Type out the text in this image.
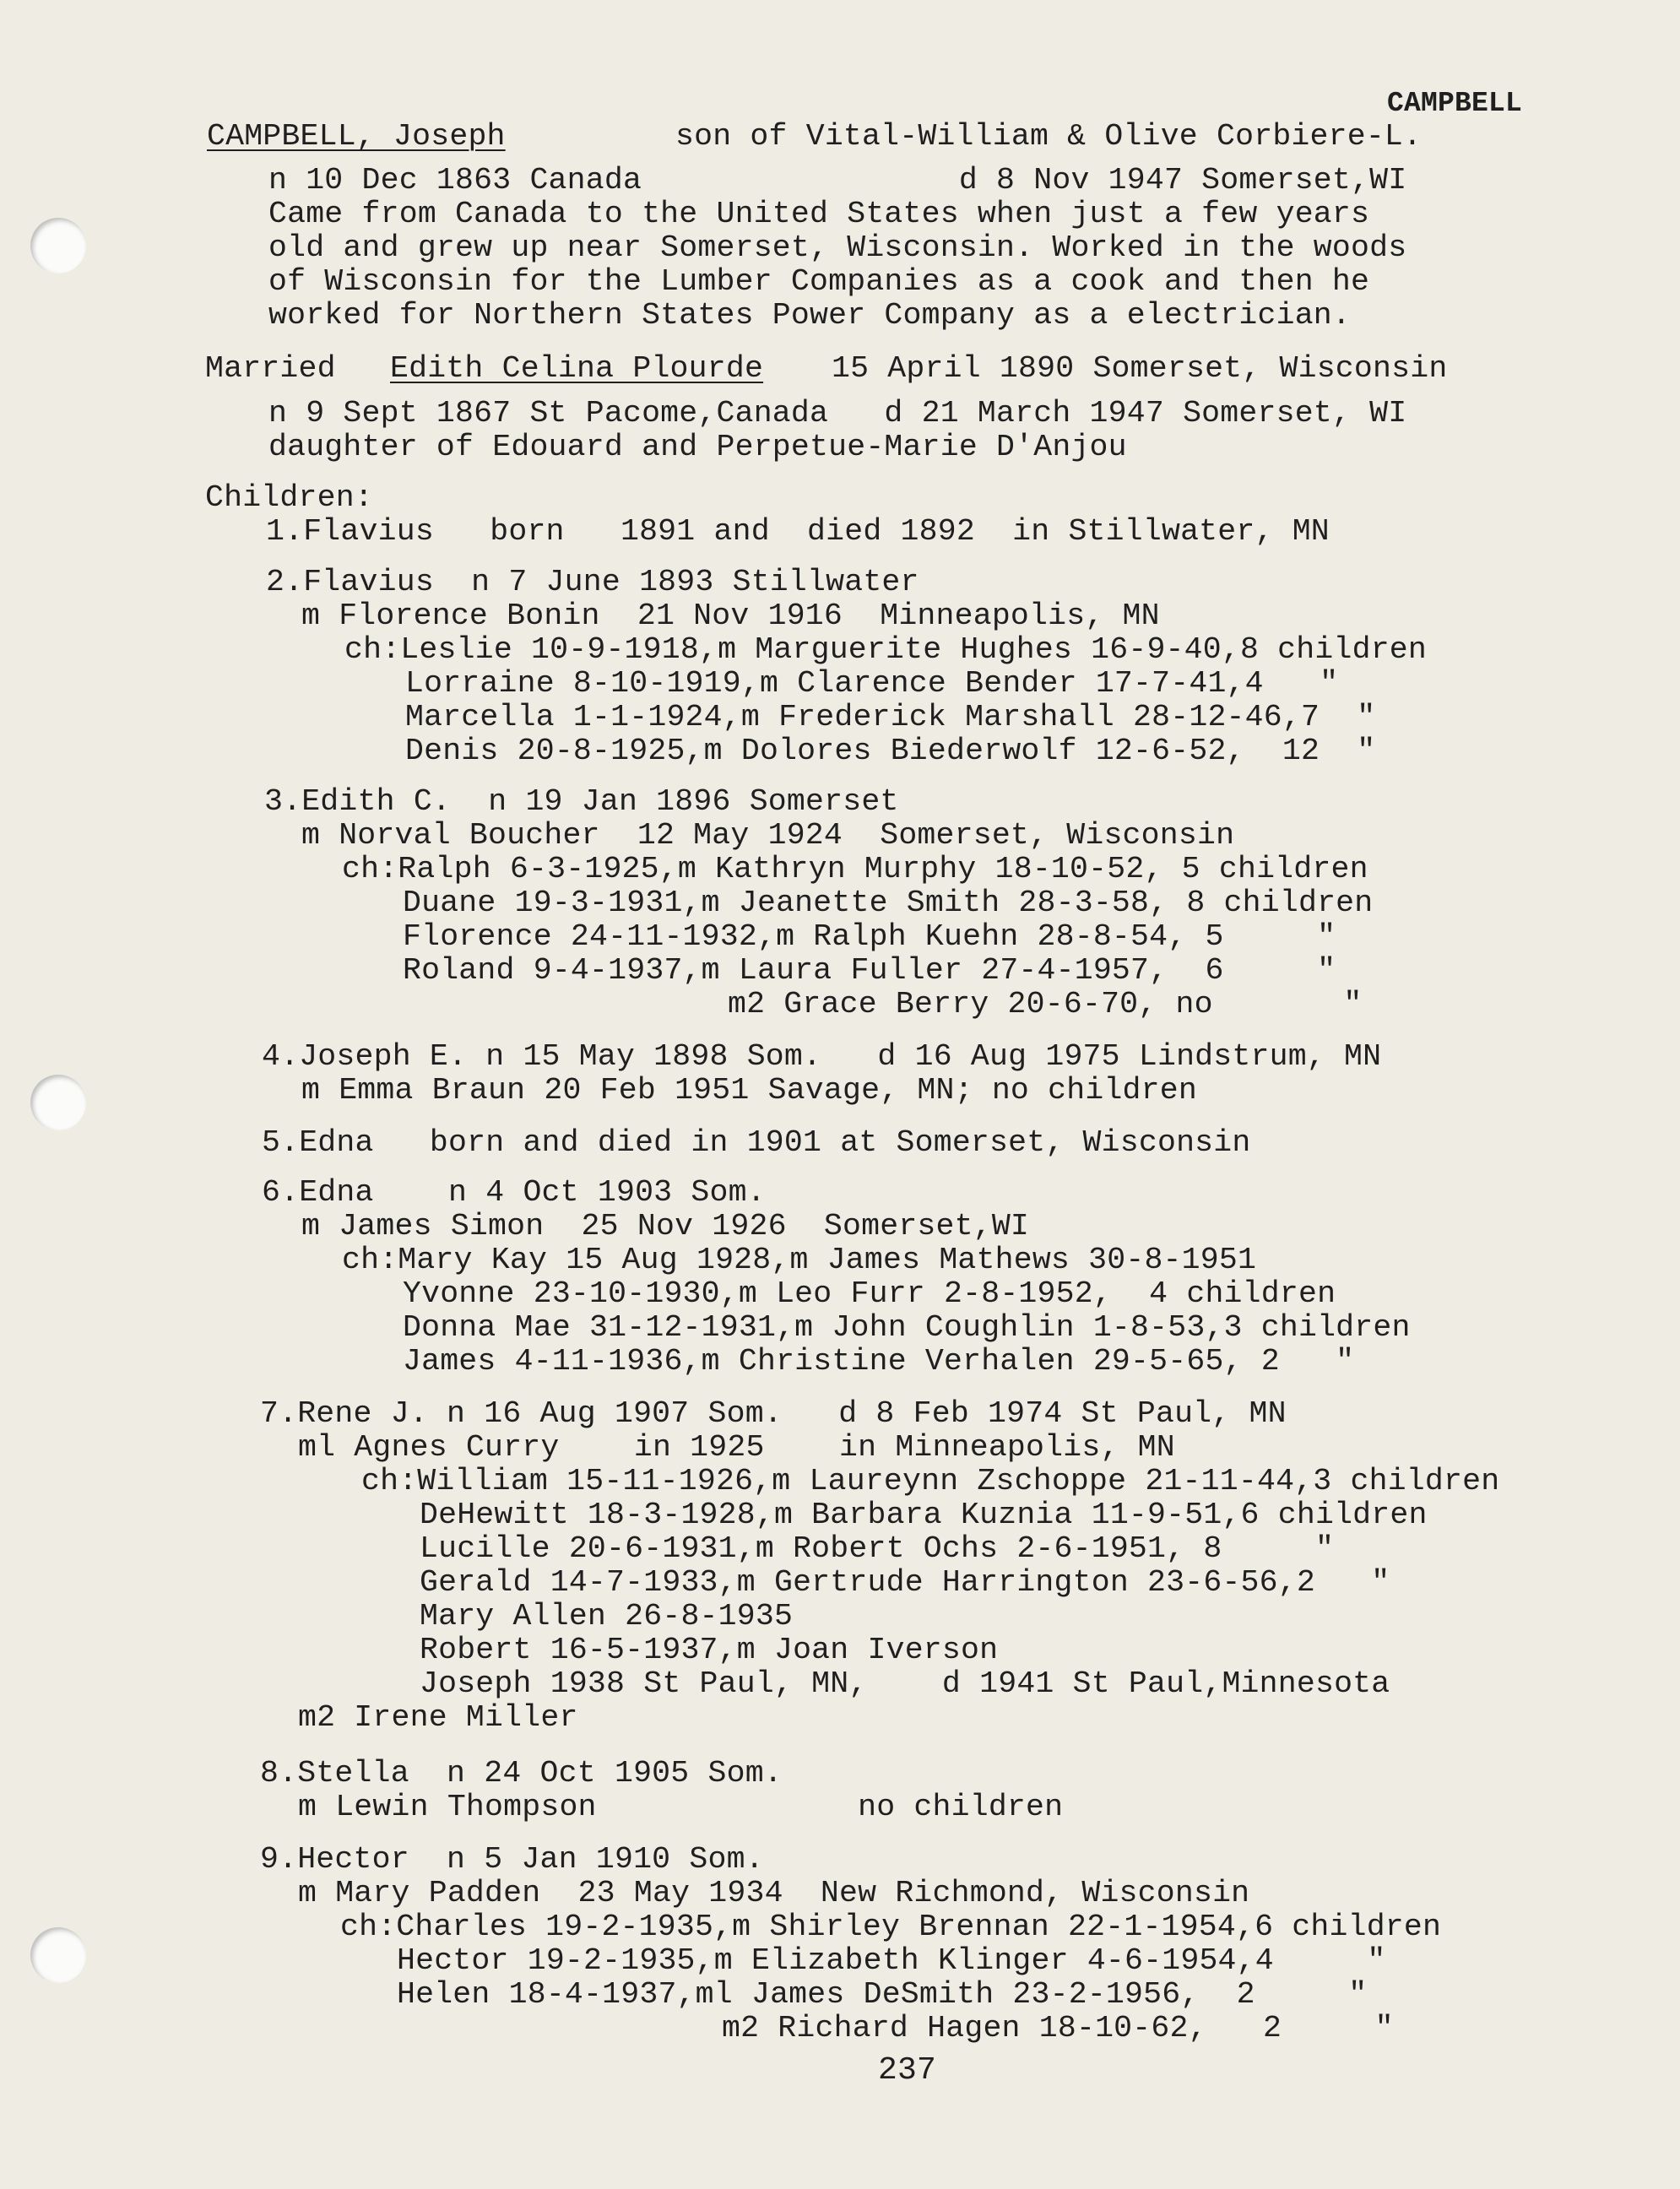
CAMPBELL
CAMPBELL, Joseph	son of Vital-William & Olive Corbiere-L.
n 10 Dec 1863 Canada                 d 8 Nov 1947 Somerset,WI
Came from Canada to the United States when just a few years
old and grew up near Somerset, Wisconsin. Worked in the woods
of Wisconsin for the Lumber Companies as a cook and then he
worked for Northern States Power Company as a electrician.
Married Edith Celina Plourde 15 April 1890 Somerset, Wisconsin
n 9 Sept 1867 St Pacome,Canada   d 21 March 1947 Somerset, WI
daughter of Edouard and Perpetue-Marie D'Anjou
Children:
1.Flavius   born   1891 and  died 1892  in Stillwater, MN
2.Flavius  n 7 June 1893 Stillwater
m Florence Bonin  21 Nov 1916  Minneapolis, MN
ch:Leslie 10-9-1918,m Marguerite Hughes 16-9-40,8 children
Lorraine 8-10-1919,m Clarence Bender 17-7-41,4   "
Marcella 1-1-1924,m Frederick Marshall 28-12-46,7  "
Denis 20-8-1925,m Dolores Biederwolf 12-6-52,  12  "
3.Edith C.  n 19 Jan 1896 Somerset
m Norval Boucher  12 May 1924  Somerset, Wisconsin
ch:Ralph 6-3-1925,m Kathryn Murphy 18-10-52, 5 children
Duane 19-3-1931,m Jeanette Smith 28-3-58, 8 children
Florence 24-11-1932,m Ralph Kuehn 28-8-54, 5     "
Roland 9-4-1937,m Laura Fuller 27-4-1957,  6     "
m2 Grace Berry 20-6-70, no       "
4.Joseph E. n 15 May 1898 Som.   d 16 Aug 1975 Lindstrum, MN
m Emma Braun 20 Feb 1951 Savage, MN; no children
5.Edna   born and died in 1901 at Somerset, Wisconsin
6.Edna    n 4 Oct 1903 Som.
m James Simon  25 Nov 1926  Somerset,WI
ch:Mary Kay 15 Aug 1928,m James Mathews 30-8-1951
Yvonne 23-10-1930,m Leo Furr 2-8-1952,  4 children
Donna Mae 31-12-1931,m John Coughlin 1-8-53,3 children
James 4-11-1936,m Christine Verhalen 29-5-65, 2   "
7.Rene J. n 16 Aug 1907 Som.   d 8 Feb 1974 St Paul, MN
ml Agnes Curry    in 1925    in Minneapolis, MN
ch:William 15-11-1926,m Laureynn Zschoppe 21-11-44,3 children
DeHewitt 18-3-1928,m Barbara Kuznia 11-9-51,6 children
Lucille 20-6-1931,m Robert Ochs 2-6-1951, 8     "
Gerald 14-7-1933,m Gertrude Harrington 23-6-56,2   "
Mary Allen 26-8-1935
Robert 16-5-1937,m Joan Iverson
Joseph 1938 St Paul, MN,    d 1941 St Paul,Minnesota
m2 Irene Miller
8.Stella  n 24 Oct 1905 Som.
m Lewin Thompson              no children
9.Hector  n 5 Jan 1910 Som.
m Mary Padden  23 May 1934  New Richmond, Wisconsin
ch:Charles 19-2-1935,m Shirley Brennan 22-1-1954,6 children
Hector 19-2-1935,m Elizabeth Klinger 4-6-1954,4     "
Helen 18-4-1937,ml James DeSmith 23-2-1956,  2     "
m2 Richard Hagen 18-10-62,   2     "
237
